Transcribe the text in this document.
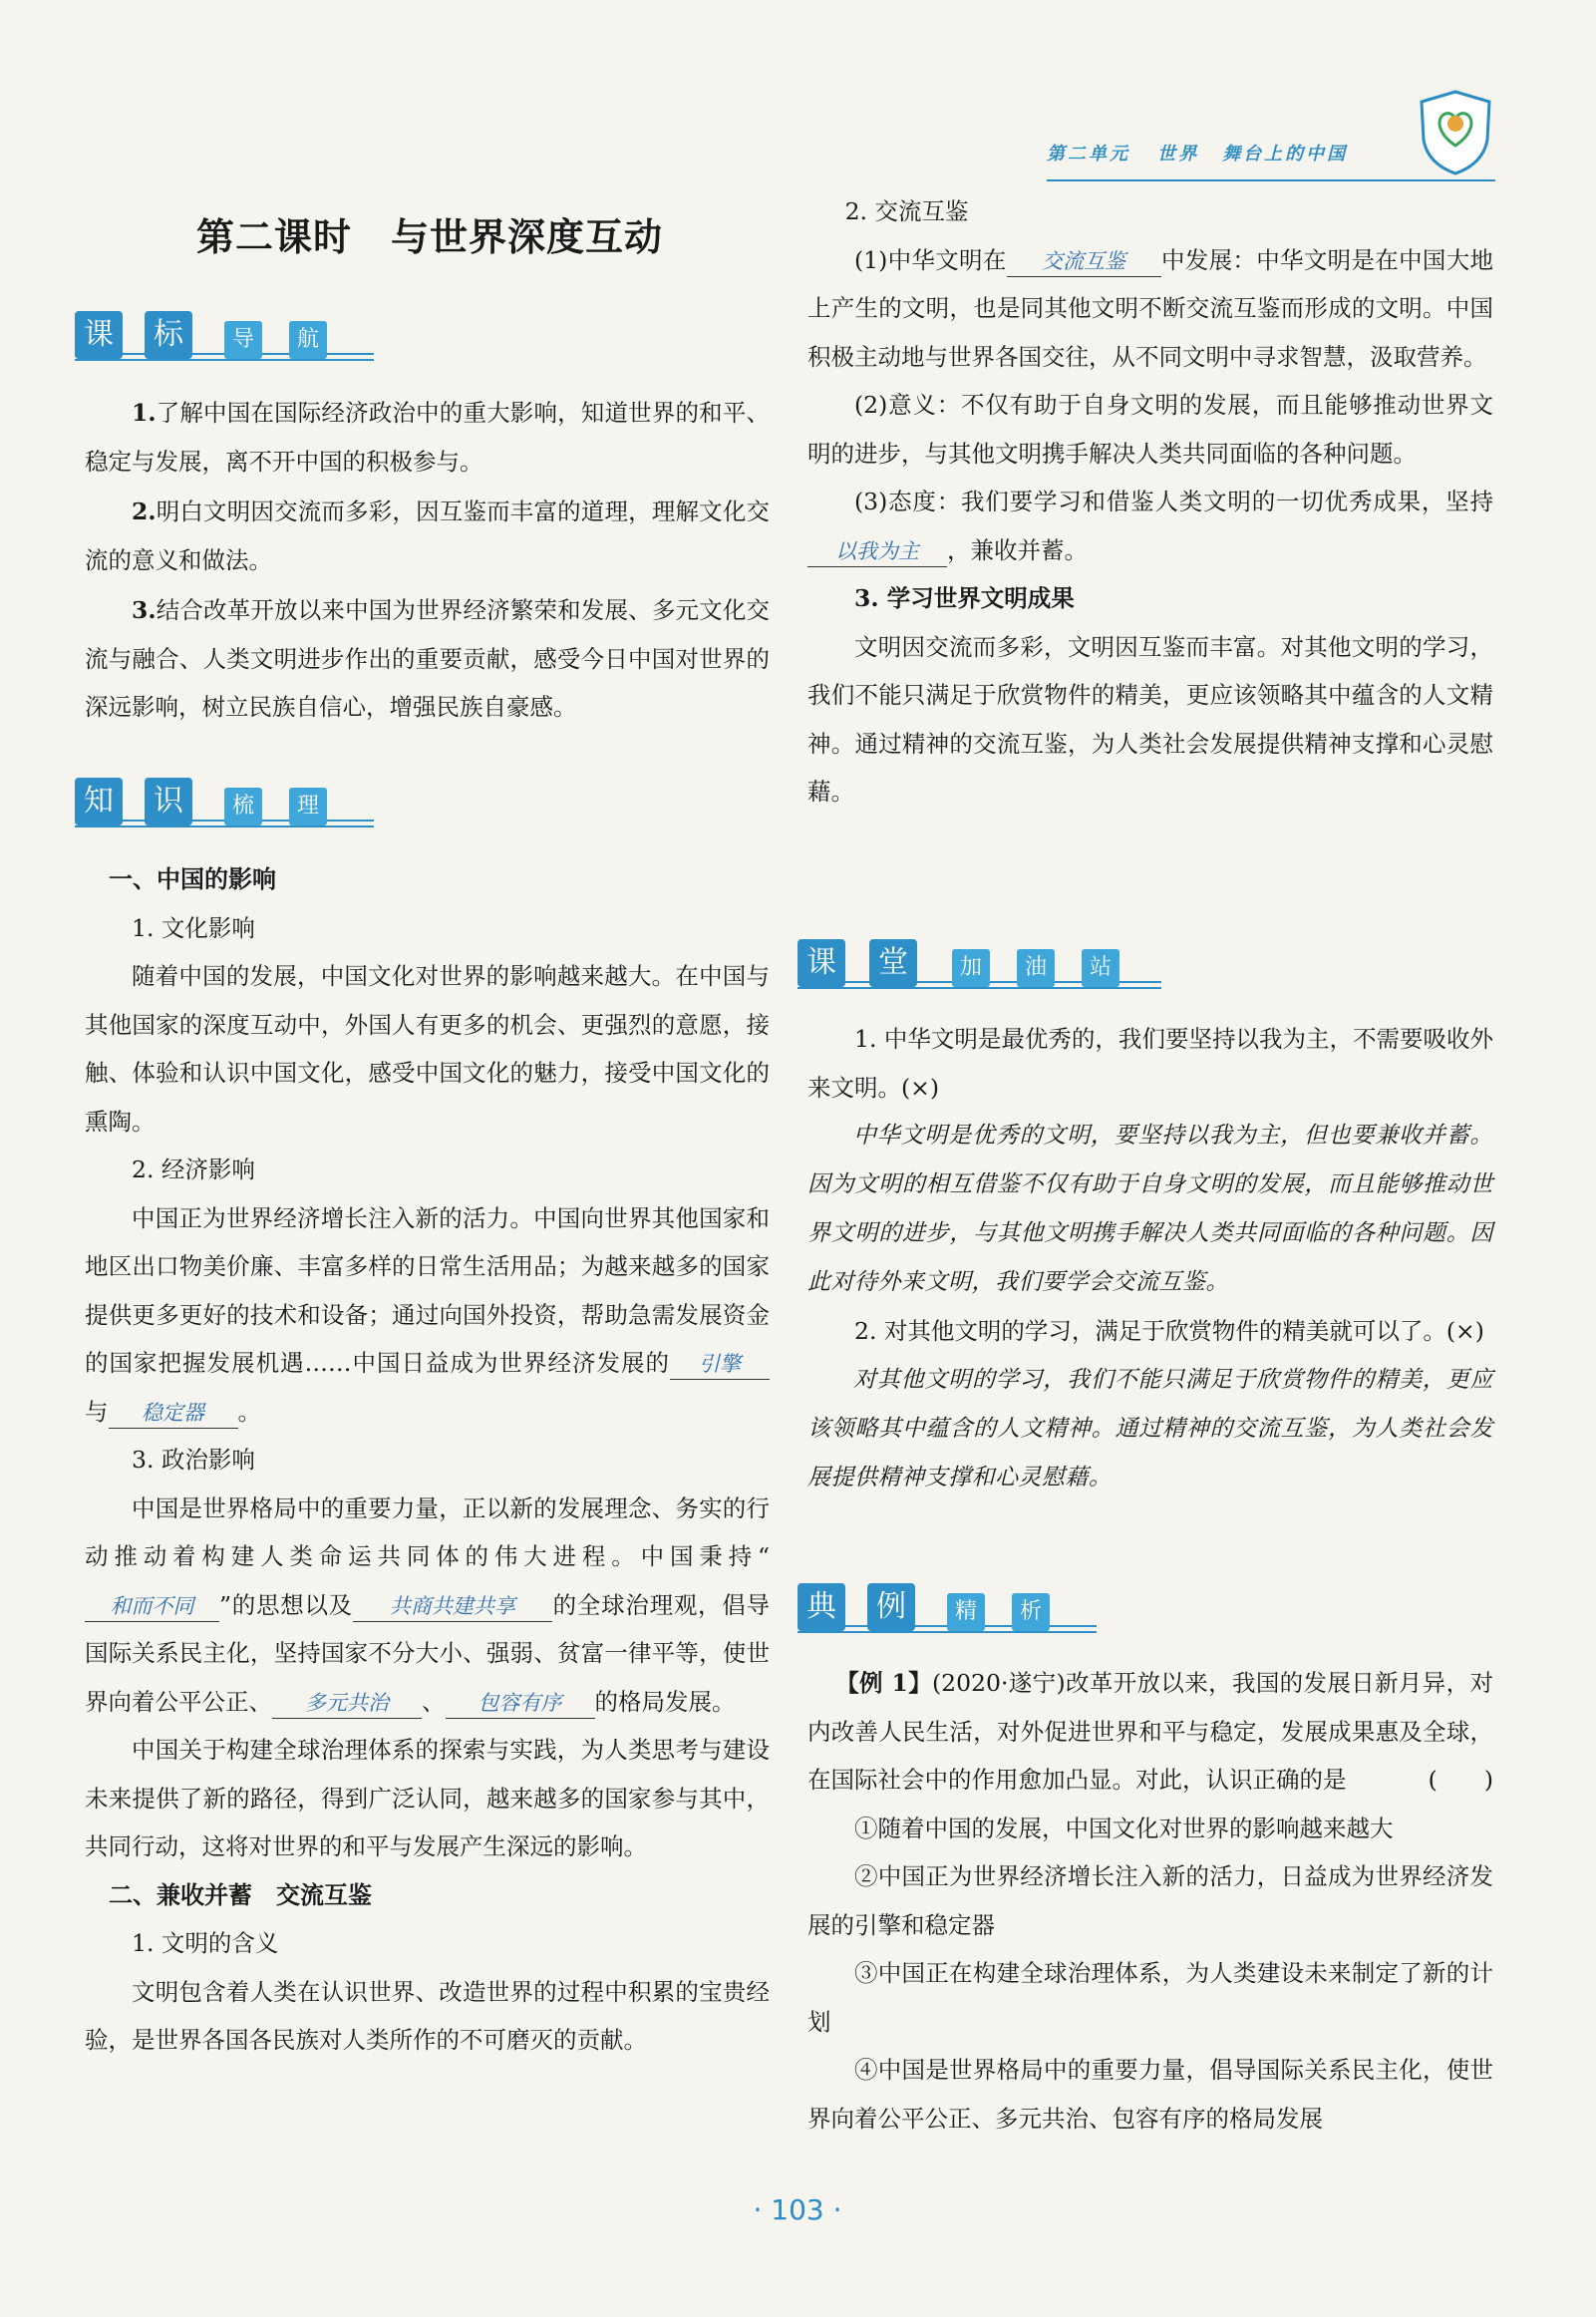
第二单元 世界 舞台上的中国
第二课时　与世界深度互动
课	标	导	航

1.了解中国在国际经济政治中的重大影响，知道世界的和平、稳定与发展，离不开中国的积极参与。

2.明白文明因交流而多彩，因互鉴而丰富的道理，理解文化交流的意义和做法。

3.结合改革开放以来中国为世界经济繁荣和发展、多元文化交流与融合、人类文明进步作出的重要贡献，感受今日中国对世界的深远影响，树立民族自信心，增强民族自豪感。

知	识	梳	理

一、中国的影响

1. 文化影响

随着中国的发展，中国文化对世界的影响越来越大。在中国与其他国家的深度互动中，外国人有更多的机会、更强烈的意愿，接触、体验和认识中国文化，感受中国文化的魅力，接受中国文化的熏陶。

2. 经济影响

中国正为世界经济增长注入新的活力。中国向世界其他国家和地区出口物美价廉、丰富多样的日常生活用品；为越来越多的国家提供更多更好的技术和设备；通过向国外投资，帮助急需发展资金的国家把握发展机遇……中国日益成为世界经济发展的 引擎与 稳定器 。

3. 政治影响

中国是世界格局中的重要力量，正以新的发展理念、务实的行动推动着构建人类命运共同体的伟大进程。中国秉持“和而不同 ”的思想以及 共商共建共享 的全球治理观，倡导国际关系民主化，坚持国家不分大小、强弱、贫富一律平等，使世界向着公平公正、 多元共治 、 包容有序 的格局发展。

中国关于构建全球治理体系的探索与实践，为人类思考与建设未来提供了新的路径，得到广泛认同，越来越多的国家参与其中，共同行动，这将对世界的和平与发展产生深远的影响。

二、兼收并蓄　交流互鉴

1. 文明的含义

文明包含着人类在认识世界、改造世界的过程中积累的宝贵经验，是世界各国各民族对人类所作的不可磨灭的贡献。

2. 交流互鉴

(1)中华文明在 交流互鉴 中发展：中华文明是在中国大地上产生的文明，也是同其他文明不断交流互鉴而形成的文明。中国积极主动地与世界各国交往，从不同文明中寻求智慧，汲取营养。

(2)意义：不仅有助于自身文明的发展，而且能够推动世界文明的进步，与其他文明携手解决人类共同面临的各种问题。

(3)态度：我们要学习和借鉴人类文明的一切优秀成果，坚持以我为主 ，兼收并蓄。

3. 学习世界文明成果

文明因交流而多彩，文明因互鉴而丰富。对其他文明的学习，我们不能只满足于欣赏物件的精美，更应该领略其中蕴含的人文精神。通过精神的交流互鉴，为人类社会发展提供精神支撑和心灵慰藉。

课	堂	加	油	站

1. 中华文明是最优秀的，我们要坚持以我为主，不需要吸收外来文明。(×)

中华文明是优秀的文明，要坚持以我为主，但也要兼收并蓄。因为文明的相互借鉴不仅有助于自身文明的发展，而且能够推动世界文明的进步，与其他文明携手解决人类共同面临的各种问题。因此对待外来文明，我们要学会交流互鉴。

2. 对其他文明的学习，满足于欣赏物件的精美就可以了。(×)

对其他文明的学习，我们不能只满足于欣赏物件的精美，更应该领略其中蕴含的人文精神。通过精神的交流互鉴，为人类社会发展提供精神支撑和心灵慰藉。

典	例	精	析

【例 1】(2020·遂宁)改革开放以来，我国的发展日新月异，对内改善人民生活，对外促进世界和平与稳定，发展成果惠及全球，在国际社会中的作用愈加凸显。对此，认识正确的是	(　　)

①随着中国的发展，中国文化对世界的影响越来越大

②中国正为世界经济增长注入新的活力，日益成为世界经济发展的引擎和稳定器

③中国正在构建全球治理体系，为人类建设未来制定了新的计划

④中国是世界格局中的重要力量，倡导国际关系民主化，使世界向着公平公正、多元共治、包容有序的格局发展

· 103 ·
